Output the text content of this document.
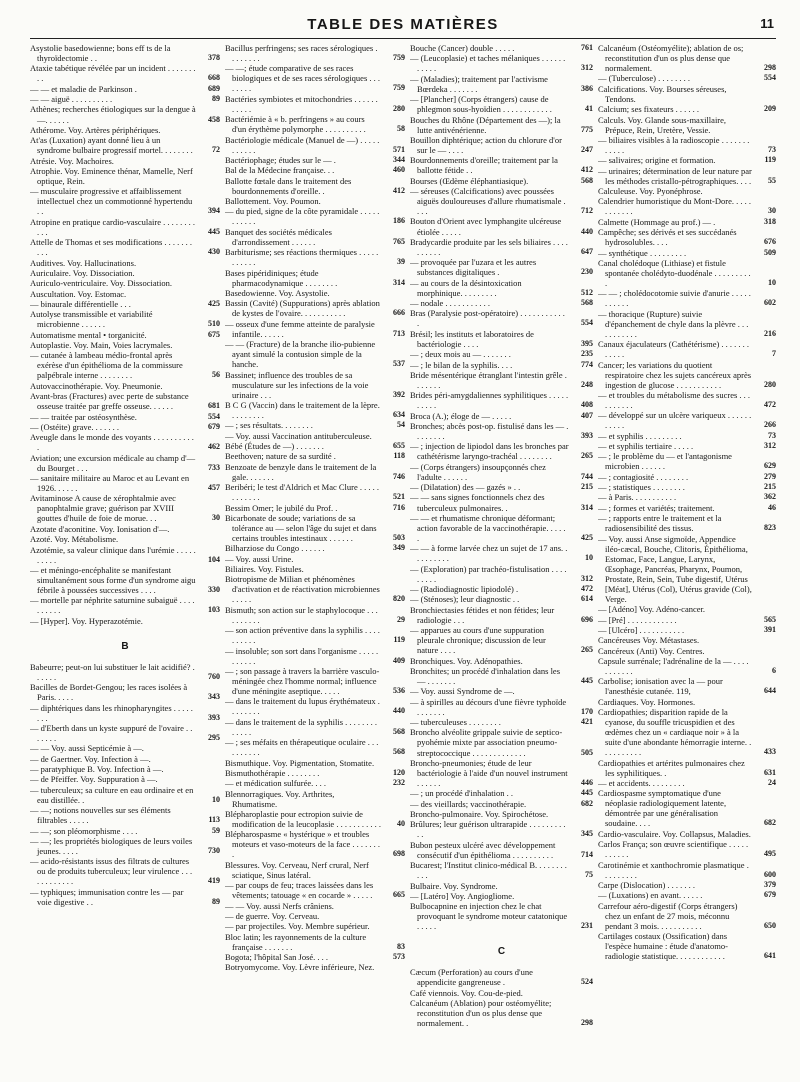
TABLE DES MATIÈRES	11
Asystolie basedowienne; bons eff ts de la thyroïdectomie . .	378
Ataxie tabétique révélée par un incident . . . . . . . . .	668
— — et maladie de Parkinson .	689
— — aiguë . . . . . . . . . .	89
Athènes; recherches étiologiques sur la dengue à —. . . . . .	458
Athérome. Voy. Artères périphériques.
At'as (Luxation) ayant donné lieu à un syndrome bulbaire progressif mortel. . . . . . . .	72
Atrésie. Voy. Machoires.
Atrophie. Voy. Eminence thénar, Mamelle, Nerf optique, Rein.
— musculaire progressive et affaiblissement intellectuel chez un commotionné hypertendu . .	394
Atropine en pratique cardio-vasculaire . . . . . . . . . . .	445
Attelle de Thomas et ses modifications . . . . . . . . . .	430
Auditives. Voy. Hallucinations.
Auriculaire. Voy. Dissociation.
Auriculo-ventriculaire. Voy. Dissociation.
Auscultation. Voy. Estomac.
— binaurale différentielle . . .	425
Autolyse transmissible et variabilité microbienne . . . . . .	510
Automatisme mental • torganicité.	675
Autoplastie. Voy. Main, Voies lacrymales.
— cutanée à lambeau médio-frontal après exérèse d'un épithélioma de la commissure palpébrale interne . . . . . . . .	56
Autovaccinothérapie. Voy. Pneumonie.
Avant-bras (Fractures) avec perte de substance osseuse traitée par greffe osseuse. . . . . .	681
— — traitée par ostéosynthèse.	554
— (Ostéite) grave. . . . . . .	679
Aveugle dans le monde des voyants . . . . . . . . . . .	462
Aviation; une excursion médicale au champ d'— du Bourget . . .	733
— sanitaire militaire au Maroc et au Levant en 1926. . . . . .	457
Avitaminose A cause de xérophtalmie avec panophtalmie grave; guérison par XVIII gouttes d'huile de foie de morue. . .	30
Azotate d'aconitine. Voy. Ionisation d'—.
Azoté. Voy. Métabolisme.
Azotémie, sa valeur clinique dans l'urémie . . . . . . . . . .	104
— et méningo-encéphalite se manifestant simultanément sous forme d'un syndrome aigu fébrile à poussées successives . . . .	330
— mortelle par néphrite saturnine subaiguë . . . . . . . . . .	103
— [Hyper]. Voy. Hyperazotémie.
B
Babeurre; peut-on lui substituer le lait acidifié? . . . . . .	760
Bacilles de Bordet-Gengou; les races isolées à Paris. . . . .	343
— diphtériques dans les rhinopharyngites . . . . . . . .	393
— d'Eberth dans un kyste suppuré de l'ovaire . . . . . . .	295
— — Voy. aussi Septicémie à —.
— de Gaertner. Voy. Infection à —.
— paratyphique B. Voy. Infection à —.
— de Pfeiffer. Voy. Suppuration à —.
— tuberculeux; sa culture en eau ordinaire et en eau distillée. .	10
— —; notions nouvelles sur ses éléments filtrables . . . . .	113
— —; son pléomorphisme . . . .	59
— —; les propriétés biologiques de leurs voiles jeunes. . . . .	730
— acido-résistants issus des filtrats de cultures ou de produits tuberculeux; leur virulence . . . . . . . . . . . .	419
— typhiques; immunisation contre les — par voie digestive . .	89
Bacillus perfringens; ses races sérologiques . . . . . . . .	759
— —; étude comparative de ses races biologiques et de ses races sérologiques . . . . . . . .	759
Bactéries symbiotes et mitochondries . . . . . . . . . . .	280
Bactériémie à « b. perfringens » au cours d'un érythème polymorphe . . . . . . . . . .	58
Bactériologie médicale (Manuel de —) . . . . . . . . . . .	571
Bactériophage; études sur le — .	344
Bal de la Médecine française. . .	460
Ballotte fœtale dans le traitement des bourdonnements d'oreille. .	412
Ballottement. Voy. Poumon.
— du pied, signe de la côte pyramidale . . . . . . . . . . .	186
Banquet des sociétés médicales d'arrondissement . . . . . .	765
Barbiturisme; ses réactions thermiques . . . . . . . . . . .	39
Bases pipéridiniques; étude pharmacodynamique . . . . . . . .	314
Basedowienne. Voy. Asystolie.
Bassin (Cavité) (Suppurations) après ablation de kystes de l'ovaire. . . . . . . . . . .	666
— osseux d'une femme atteinte de paralysie infantile. . . . . .	713
— — (Fracture) de la branche ilio-pubienne ayant simulé la contusion simple de la hanche.	537
Bassinet; influence des troubles de sa musculature sur les infections de la voie urinaire . . .	392
B C G (Vaccin) dans le traitement de la lèpre. . . . . . . . .	634
— ; ses résultats. . . . . . . .	54
— Voy. aussi Vaccination antituberculeuse.
Bébé (Études de —) . . . . . . .	655
Beethoven; nature de sa surdité .	118
Benzoate de benzyle dans le traitement de la gale. . . . . . .	746
Beribéri; le test d'Aldrich et Mac Clure . . . . . . . . . . . .	521
Bessim Omer; le jubilé du Prof. .	716
Bicarbonate de soude; variations de sa tolérance au — selon l'âge du sujet et dans certains troubles intestinaux . . . . . .	503
Bilharziose du Congo . . . . . .	349
— Voy. aussi Urine.
Biliaires. Voy. Fistules.
Biotropisme de Milian et phénomènes d'activation et de réactivation microbiennes . . . . .	820
Bismuth; son action sur le staphylocoque . . . . . . . . . .	29
— son action préventive dans la syphilis . . . . . . . . . .	119
— insoluble; son sort dans l'organisme . . . . . . . . . . .	409
— ; son passage à travers la barrière vasculo-méningée chez l'homme normal; influence d'une méningite aseptique. . . . .	536
— dans le traitement du lupus érythémateux . . . . . . . .	440
— dans le traitement de la syphilis . . . . . . . . . . . . .	568
— ; ses méfaits en thérapeutique oculaire . . . . . . . . . .	568
Bismuthique. Voy. Pigmentation, Stomatite.
Bismuthothérapie . . . . . . . .	120
— et médication sulfurée. . . .	232
Blennorragiques. Voy. Arthrites, Rhumatisme.
Blépharoplastie pour ectropion suivie de modification de la leucoplasie . . . . . . . . . . . 40
Blépharospasme « hystérique » et troubles moteurs et vaso-moteurs de la face . . . . . . . .	698
Blessures. Voy. Cerveau, Nerf crural, Nerf sciatique, Sinus latéral.
— par coups de feu; traces laissées dans les vêtements; tatouage « en cocarde » . . . . .	665
— — Voy. aussi Nerfs crâniens.
— de guerre. Voy. Cerveau.
— par projectiles. Voy. Membre supérieur.
Bloc latin; les rayonnements de la culture française . . . . . . .	83
Bogota; l'hôpital San José. . . .	573
Botryomycome. Voy. Lèvre inférieure, Nez.
Bouche (Cancer) double . . . . .	761
— (Leucoplasie) et taches mélaniques . . . . . . . . . . .	312
— (Maladies); traitement par l'activisme Bœrdeka . . . . . . .	386
— [Plancher] (Corps étrangers) cause de phlegmon sous-hyoïdien . . . . . . . . . . . .	41
Bouches du Rhône (Département des —); la lutte antivénérienne.	775
Bouillon diphtérique; action du chlorure d'or sur le — . . . .	247
Bourdonnements d'oreille; traitement par la ballotte fétide . .	412
Bourses (Œdème éléphantiasique).	568
— séreuses (Calcifications) avec poussées aiguës douloureuses d'allure rhumatismale . . . .	712
Bouton d'Orient avec lymphangite ulcéreuse étiolée . . . . .	440
Bradycardie produite par les sels biliaires . . . . . . . . . .	647
— provoquée par l'uzara et les autres substances digitaliques .	230
— au cours de la désintoxication morphinique. . . . . . . . .	512
— nodale . . . . . . . . . . .	568
Bras (Paralysie post-opératoire) . . . . . . . . . . . .	554
Brésil; les instituts et laboratoires de bactériologie . . . .	395
— ; deux mois au — . . . . . . .	235
— ; le bilan de la syphilis. . . .	774
Bride mésentérique étranglant l'intestin grêle . . . . . . .	248
Brides péri-amygdaliennes syphilitiques . . . . . . . . . .	408
Broca (A.); éloge de — . . . . .	407
Bronches; abcès post-op. fistulisé dans les — . . . . . . . .	393
— ; injection de lipiodol dans les bronches par cathétérisme laryngo-trachéal . . . . . . . .	265
— (Corps étrangers) insoupçonnés chez l'adulte . . . . . .	744
— (Dilatation) des — gazés » . .	215
— — sans signes fonctionnels chez des tuberculeux pulmonaires. .	314
— — et rhumatisme chronique déformant; action favorable de la vaccinothérapie. . . . . .	425
— — à forme larvée chez un sujet de 17 ans. . . . . . . . . .	10
— (Exploration) par trachéo-fistulisation . . . . . . . . .	312
— (Radiodiagnostic lipiodolé) .	472
— (Sténoses); leur diagnostic . .	614
Bronchiectasies fétides et non fétides; leur radiologie . . .	696
— apparues au cours d'une suppuration pleurale chronique; discussion de leur nature . . . .	265
Bronchiques. Voy. Adénopathies.
Bronchites; un procédé d'inhalation dans les — . . . . . . .	445
— Voy. aussi Syndrome de —.
— à spirilles au décours d'une fièvre typhoïde . . . . . . .	170
— tuberculeuses . . . . . . . .	421
Broncho alvéolite grippale suivie de septico-pyohémie mixte par association pneumo-streptococcique . . . . . . . . . . . . .	505
Broncho-pneumonies; étude de leur bactériologie à l'aide d'un nouvel instrument . . . . . .	446
— ; un procédé d'inhalation . .	445
— des vieillards; vaccinothérapie.	682
Broncho-pulmonaire. Voy. Spirochétose.
Brûlures; leur guérison ultrarapide . . . . . . . . . . .	345
Bubon pesteux ulcéré avec développement consécutif d'un épithélioma . . . . . . . . . .	714
Bucarest; l'Institut clinico-médical B. . . . . . . . . . .	75
Bulbaire. Voy. Syndrome.
— [Latéro] Voy. Angiogliome.
Bulbocapnine en injection chez le chat provoquant le syndrome moteur catatonique . . . . .	231
C
Cæcum (Perforation) au cours d'une appendicite gangreneuse .	524
Café viennois. Voy. Cou-de-pied.
Calcanéum (Ablation) pour ostéomyélite; reconstitution d'un os plus dense que normalement. .	298
Calcanéum (Ostéomyélite); ablation de os; reconstitution d'un os plus dense que normalement.	298
— (Tuberculose) . . . . . . . .	554
Calcifications. Voy. Bourses séreuses, Tendons.
Calcium; ses fixateurs . . . . . .	209
Calculs. Voy. Glande sous-maxillaire, Prépuce, Rein, Uretère, Vessie.
— biliaires visibles à la radioscopie . . . . . . . . . . . .	73
— salivaires; origine et formation.	119
— urinaires; détermination de leur nature par les méthodes cristallo-pétrographiques. . . . 55
Calculeuse. Voy. Pyonéphrose.
Calendrier humoristique du Mont-Dore. . . . . . . . . . . .	30
Calmette (Hommage au prof.) — .	318
Campêche; ses dérivés et ses succédanés hydrosolubles. . . .	676
— synthétique . . . . . . . . .	509
Canal cholédoque (Lithiase) et fistule spontanée cholédyto-duodénale . . . . . . . . . .	10
— — ; cholédocotomie suivie d'anurie . . . . . . . . . . .	602
— thoracique (Rupture) suivie d'épanchement de chyle dans la plèvre . . . . . . . . . . .	216
Canaux éjaculateurs (Cathétérisme) . . . . . . . . . . . .	7
Cancer; les variations du quotient respiratoire chez les sujets cancéreux après ingestion de glucose . . . . . . . . . . .	280
— et troubles du métabolisme des sucres . . . . . . . . . .	472
— développé sur un ulcère variqueux . . . . . . . . . . .	266
— et syphilis . . . . . . . . .	73
— et syphilis tertiaire . . . . .	312
— ; le problème du — et l'antagonisme microbien . . . . . .	629
— ; contagiosité . . . . . . . .	279
— ; statistiques . . . . . . . .	215
— à Paris. . . . . . . . . . .	362
— ; formes et variétés; traitement.	46
— ; rapports entre le traitement et la radiosensibilité des tissus.	823
— Voy. aussi Anse sigmoïde, Appendice iléo-cæcal, Bouche, Clitoris, Épithélioma, Estomac, Face, Langue, Larynx, Œsophage, Pancréas, Pharynx, Poumon, Prostate, Rein, Sein, Tube digestif, Utérus [Méat], Utérus (Col), Utérus gravide (Col), Verge.
— [Adéno] Voy. Adéno-cancer.
— [Pré] . . . . . . . . . . . .	565
— [Ulcéro] . . . . . . . . . . .	391
Cancéreuses Voy. Métastases.
Cancéreux (Anti) Voy. Centres.
Capsule surrénale; l'adrénaline de la — . . . . . . . . . . .	6
Carbolise; ionisation avec la — pour l'anesthésie cutanée. 119,	644
Cardiaques. Voy. Hormones.
Cardiopathies; disparition rapide de la cyanose, du souffle tricuspidien et des œdèmes chez un « cardiaque noir » à la suite d'une abondante hémorragie interne. . . . . . . . . . .	433
Cardiopathies et artérites pulmonaires chez les syphilitiques. .	631
— et accidents. . . . . . . . .	24
Cardiospasme symptomatique d'une néoplasie radiologiquement latente, démontrée par une généralisation soudaine. . . .	682
Cardio-vasculaire. Voy. Collapsus, Maladies.
Carlos França; son œuvre scientifique . . . . . . . . . . .	495
Carotinémie et xanthochromie plasmatique . . . . . . . . .	600
Carpe (Dislocation) . . . . . . .	379
— (Luxations) en avant. . . . . .	679
Carrefour aéro-digestif (Corps étrangers) chez un enfant de 27 mois, méconnu pendant 3 mois. . . . . . . . . . .	650
Cartilages costaux (Ossification) dans l'espèce humaine : étude d'anatomo-radiologie statistique. . . . . . . . . . . .	641
